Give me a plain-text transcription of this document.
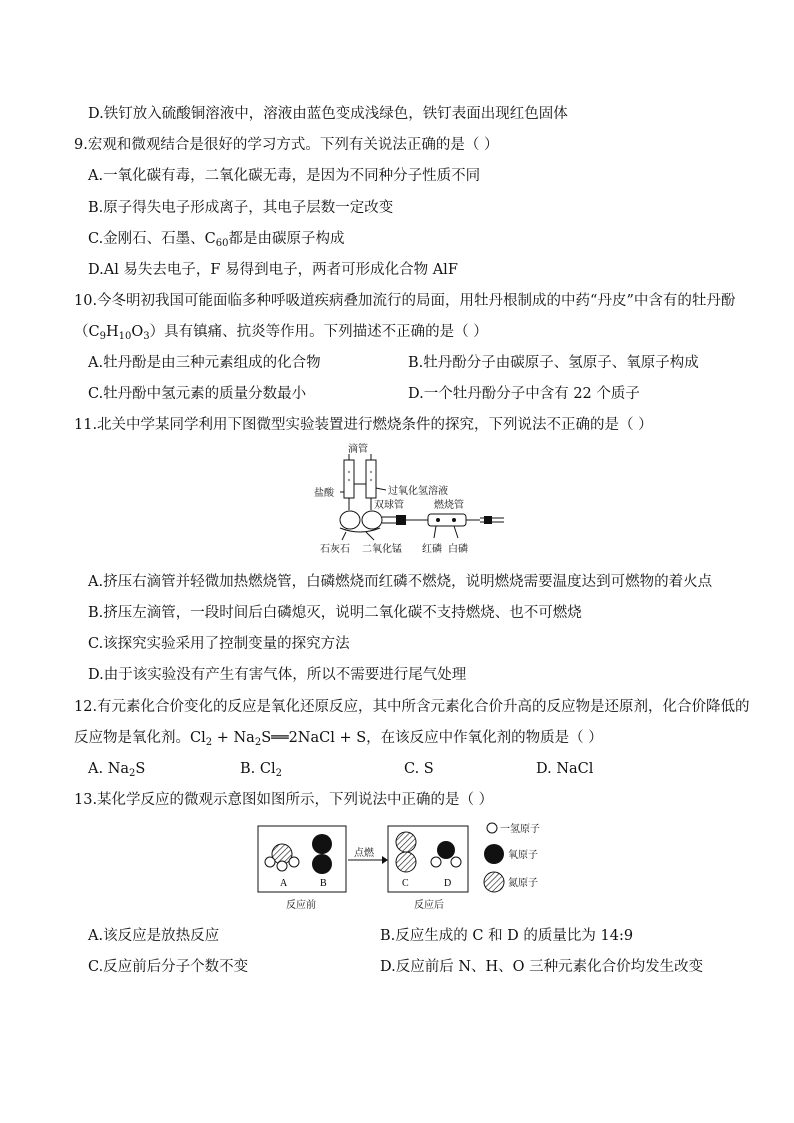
D.铁钉放入硫酸铜溶液中，溶液由蓝色变成浅绿色，铁钉表面出现红色固体
9.宏观和微观结合是很好的学习方式。下列有关说法正确的是（ ）
A.一氧化碳有毒，二氧化碳无毒，是因为不同种分子性质不同
B.原子得失电子形成离子，其电子层数一定改变
C.金刚石、石墨、$C_{60}$都是由碳原子构成
D.Al 易失去电子，F 易得到电子，两者可形成化合物 AlF
10.今冬明初我国可能面临多种呼吸道疾病叠加流行的局面，用牡丹根制成的中药“丹皮”中含有的牡丹酚
$(C_9H_{10}O_3)$具有镇痛、抗炎等作用。下列描述不正确的是（ ）
A.牡丹酚是由三种元素组成的化合物	B.牡丹酚分子由碳原子、氢原子、氧原子构成
C.牡丹酚中氢元素的质量分数最小	D.一个牡丹酚分子中含有 22 个质子
11.北关中学某同学利用下图微型实验装置进行燃烧条件的探究，下列说法不正确的是（ ）
滴管
盐酸	过氧化氢溶液
双球管	燃烧管
石灰石 二氧化锰 红磷 白磷
A.挤压右滴管并轻微加热燃烧管，白磷燃烧而红磷不燃烧，说明燃烧需要温度达到可燃物的着火点
B.挤压左滴管，一段时间后白磷熄灭，说明二氧化碳不支持燃烧、也不可燃烧
C.该探究实验采用了控制变量的探究方法
D.由于该实验没有产生有害气体，所以不需要进行尾气处理
12.有元素化合价变化的反应是氧化还原反应，其中所含元素化合价升高的反应物是还原剂，化合价降低的
反应物是氧化剂。$Cl_2$ + $Na_2S══2NaCl + S$，在该反应中作氧化剂的物质是（ ）
A. $Na_2S$	B. $Cl_2$	C. S	D. NaCl
13.某化学反应的微观示意图如图所示，下列说法中正确的是（ ）
A	B
反应前
点燃
C	D
反应后
一氢原子
氧原子
氮原子
A.该反应是放热反应	B.反应生成的 C 和 D 的质量比为 14:9
C.反应前后分子个数不变	D.反应前后 N、H、O 三种元素化合价均发生改变
